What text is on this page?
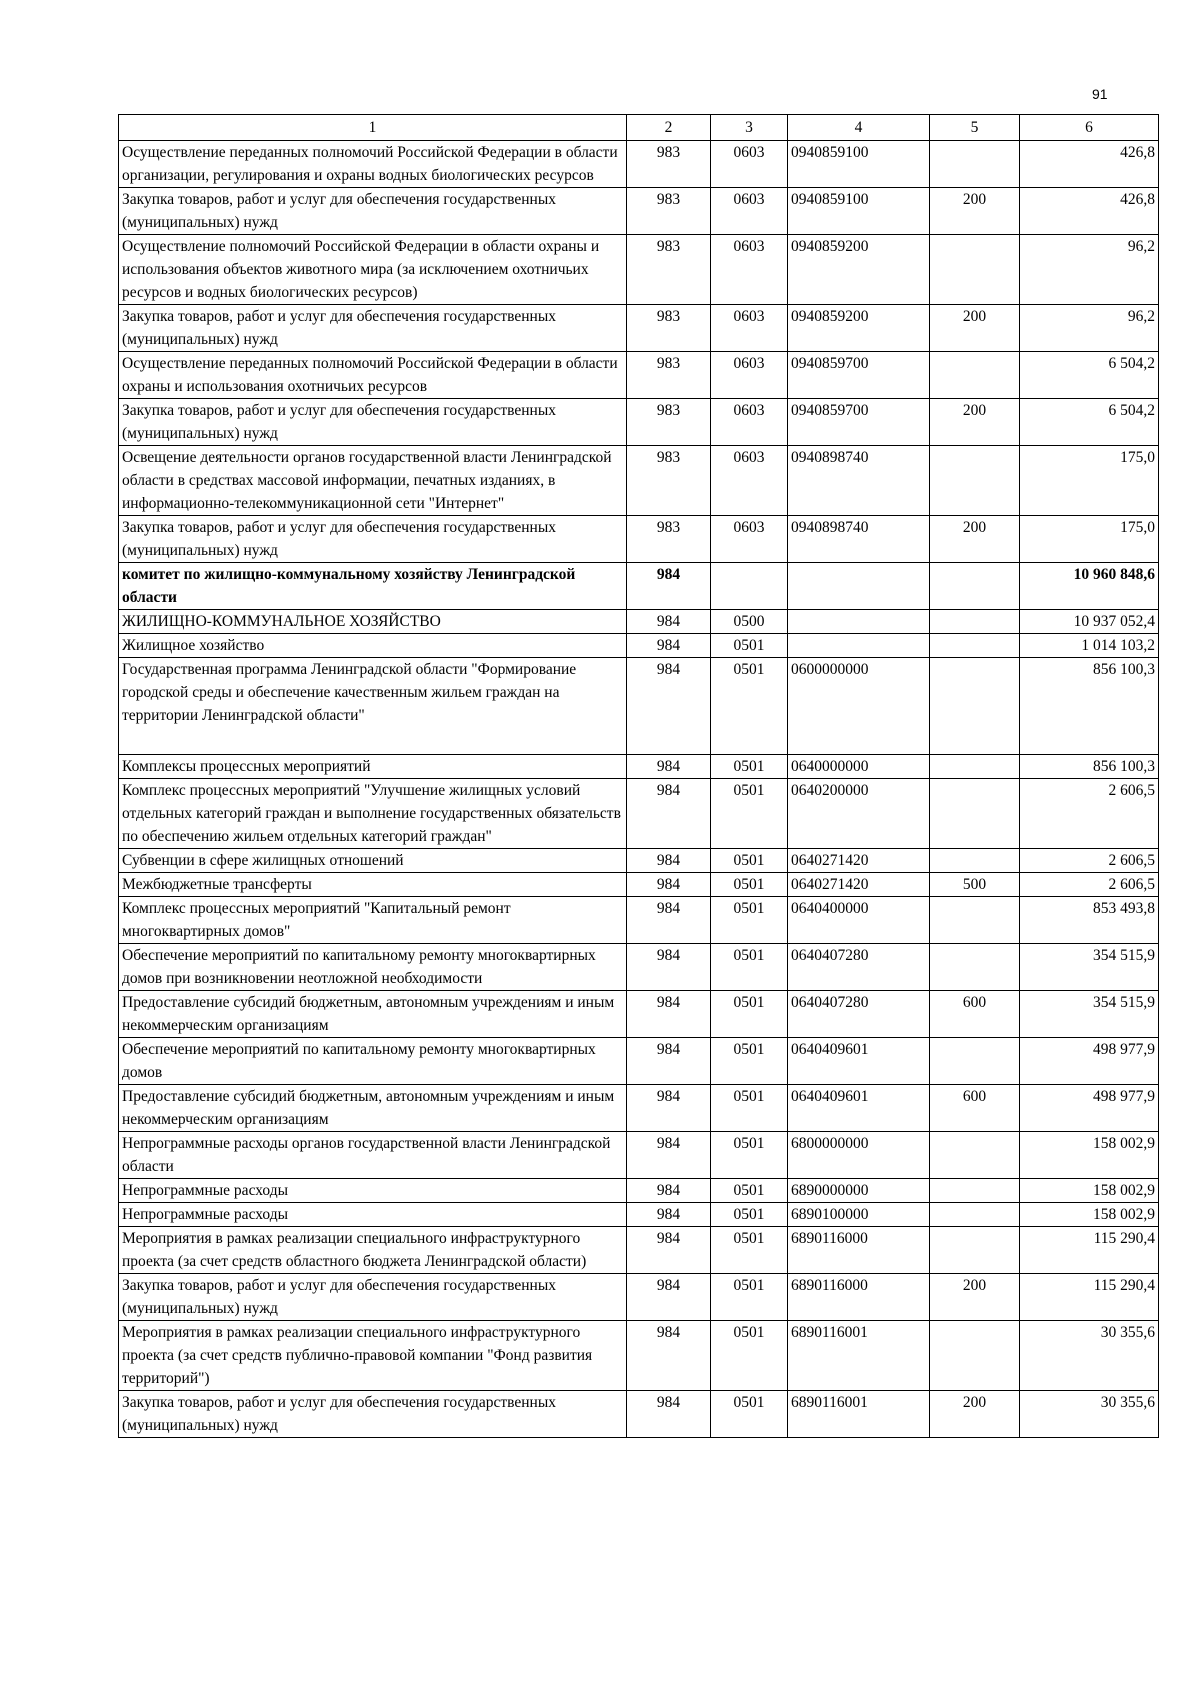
91
1	2	3	4	5	6
Осуществление переданных полномочий Российской Федерации в области организации, регулирования и охраны водных биологических ресурсов	983	0603	0940859100		426,8
Закупка товаров, работ и услуг для обеспечения государственных (муниципальных) нужд	983	0603	0940859100	200	426,8
Осуществление полномочий Российской Федерации в области охраны и использования объектов животного мира (за исключением охотничьих ресурсов и водных биологических ресурсов)	983	0603	0940859200		96,2
Закупка товаров, работ и услуг для обеспечения государственных (муниципальных) нужд	983	0603	0940859200	200	96,2
Осуществление переданных полномочий Российской Федерации в области охраны и использования охотничьих ресурсов	983	0603	0940859700		6 504,2
Закупка товаров, работ и услуг для обеспечения государственных (муниципальных) нужд	983	0603	0940859700	200	6 504,2
Освещение деятельности органов государственной власти Ленинградской области в средствах массовой информации, печатных изданиях, в информационно-телекоммуникационной сети "Интернет"	983	0603	0940898740		175,0
Закупка товаров, работ и услуг для обеспечения государственных (муниципальных) нужд	983	0603	0940898740	200	175,0
комитет по жилищно-коммунальному хозяйству Ленинградской области	984				10 960 848,6
ЖИЛИЩНО-КОММУНАЛЬНОЕ ХОЗЯЙСТВО	984	0500			10 937 052,4
Жилищное хозяйство	984	0501			1 014 103,2
Государственная программа Ленинградской области "Формирование городской среды и обеспечение качественным жильем граждан на территории Ленинградской области"	984	0501	0600000000		856 100,3
Комплексы процессных мероприятий	984	0501	0640000000		856 100,3
Комплекс процессных мероприятий "Улучшение жилищных условий отдельных категорий граждан и выполнение государственных обязательств по обеспечению жильем отдельных категорий граждан"	984	0501	0640200000		2 606,5
Субвенции в сфере жилищных отношений	984	0501	0640271420		2 606,5
Межбюджетные трансферты	984	0501	0640271420	500	2 606,5
Комплекс процессных мероприятий "Капитальный ремонт многоквартирных домов"	984	0501	0640400000		853 493,8
Обеспечение мероприятий по капитальному ремонту многоквартирных домов при возникновении неотложной необходимости	984	0501	0640407280		354 515,9
Предоставление субсидий бюджетным, автономным учреждениям и иным некоммерческим организациям	984	0501	0640407280	600	354 515,9
Обеспечение мероприятий по капитальному ремонту многоквартирных домов	984	0501	0640409601		498 977,9
Предоставление субсидий бюджетным, автономным учреждениям и иным некоммерческим организациям	984	0501	0640409601	600	498 977,9
Непрограммные расходы органов государственной власти Ленинградской области	984	0501	6800000000		158 002,9
Непрограммные расходы	984	0501	6890000000		158 002,9
Непрограммные расходы	984	0501	6890100000		158 002,9
Мероприятия в рамках реализации специального инфраструктурного проекта (за счет средств областного бюджета Ленинградской области)	984	0501	6890116000		115 290,4
Закупка товаров, работ и услуг для обеспечения государственных (муниципальных) нужд	984	0501	6890116000	200	115 290,4
Мероприятия в рамках реализации специального инфраструктурного проекта (за счет средств публично-правовой компании "Фонд развития территорий")	984	0501	6890116001		30 355,6
Закупка товаров, работ и услуг для обеспечения государственных (муниципальных) нужд	984	0501	6890116001	200	30 355,6
